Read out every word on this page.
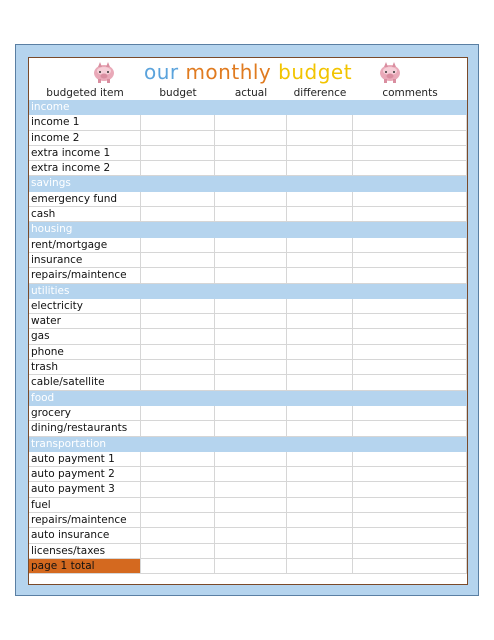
our monthly budget
budgeted item	budget	actual	difference	comments
income
income 1
income 2
extra income 1
extra income 2
savings
emergency fund
cash
housing
rent/mortgage
insurance
repairs/maintence
utilities
electricity
water
gas
phone
trash
cable/satellite
food
grocery
dining/restaurants
transportation
auto payment 1
auto payment 2
auto payment 3
fuel
repairs/maintence
auto insurance
licenses/taxes
page 1 total
